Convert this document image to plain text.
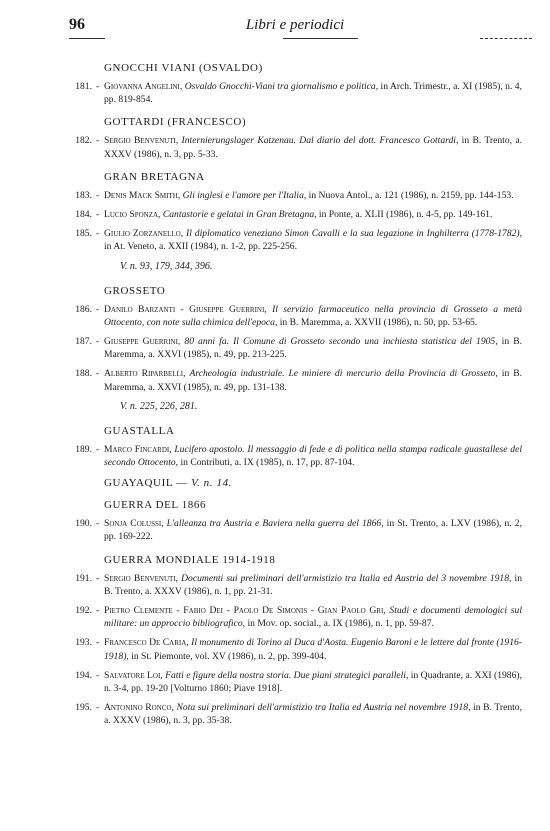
96	Libri e periodici
GNOCCHI VIANI (OSVALDO)
181. - Giovanna Angelini, Osvaldo Gnocchi-Viani tra giornalismo e politica, in Arch. Trimestr., a. XI (1985), n. 4, pp. 819-854.
GOTTARDI (FRANCESCO)
182. - Sergio Benvenuti, Internierungslager Katzenau. Dal diario del dott. Francesco Gottardi, in B. Trento, a. XXXV (1986), n. 3, pp. 5-33.
GRAN BRETAGNA
183. - Denis Mack Smith, Gli inglesi e l'amore per l'Italia, in Nuova Antol., a. 121 (1986), n. 2159, pp. 144-153.
184. - Lucio Sponza, Cantastorie e gelatai in Gran Bretagna, in Ponte, a. XLII (1986), n. 4-5, pp. 149-161.
185. - Giulio Zorzanello, Il diplomatico veneziano Simon Cavalli e la sua legazione in Inghilterra (1778-1782), in At. Veneto, a. XXII (1984), n. 1-2, pp. 225-256.
V. n. 93, 179, 344, 396.
GROSSETO
186. - Danilo Barzanti - Giuseppe Guerrini, Il servizio farmaceutico nella provincia di Grosseto a metà Ottocento, con note sulla chimica dell'epoca, in B. Maremma, a. XXVII (1986), n. 50, pp. 53-65.
187. - Giuseppe Guerrini, 80 anni fa. Il Comune di Grosseto secondo una inchiesta statistica del 1905, in B. Maremma, a. XXVI (1985), n. 49, pp. 213-225.
188. - Alberto Riparbelli, Archeologia industriale. Le miniere di mercurio della Provincia di Grosseto, in B. Maremma, a. XXVI (1985), n. 49, pp. 131-138.
V. n. 225, 226, 281.
GUASTALLA
189. - Marco Fincardi, Lucifero apostolo. Il messaggio di fede e di politica nella stampa radicale guastallese del secondo Ottocento, in Contributi, a. IX (1985), n. 17, pp. 87-104.
GUAYAQUIL — V. n. 14.
GUERRA DEL 1866
190. - Sonja Colussi, L'alleanza tra Austria e Baviera nella guerra del 1866, in St. Trento, a. LXV (1986), n. 2, pp. 169-222.
GUERRA MONDIALE 1914-1918
191. - Sergio Benvenuti, Documenti sui preliminari dell'armistizio tra Italia ed Austria del 3 novembre 1918, in B. Trento, a. XXXV (1986), n. 1, pp. 21-31.
192. - Pietro Clemente - Fabio Dei - Paolo De Simonis - Gian Paolo Gri, Studi e documenti demologici sul militare: un approccio bibliografico, in Mov. op. social., a. IX (1986), n. 1, pp. 59-87.
193. - Francesco De Caria, Il monumento di Torino al Duca d'Aosta. Eugenio Baroni e le lettere dal fronte (1916-1918), in St. Piemonte, vol. XV (1986), n. 2, pp. 399-404.
194. - Salvatore Loi, Fatti e figure della nostra storia. Due piani strategici paralleli, in Quadrante, a. XXI (1986), n. 3-4, pp. 19-20 [Volturno 1860; Piave 1918].
195. - Antonino Ronco, Nota sui preliminari dell'armistizio tra Italia ed Austria nel novembre 1918, in B. Trento, a. XXXV (1986), n. 3, pp. 35-38.
